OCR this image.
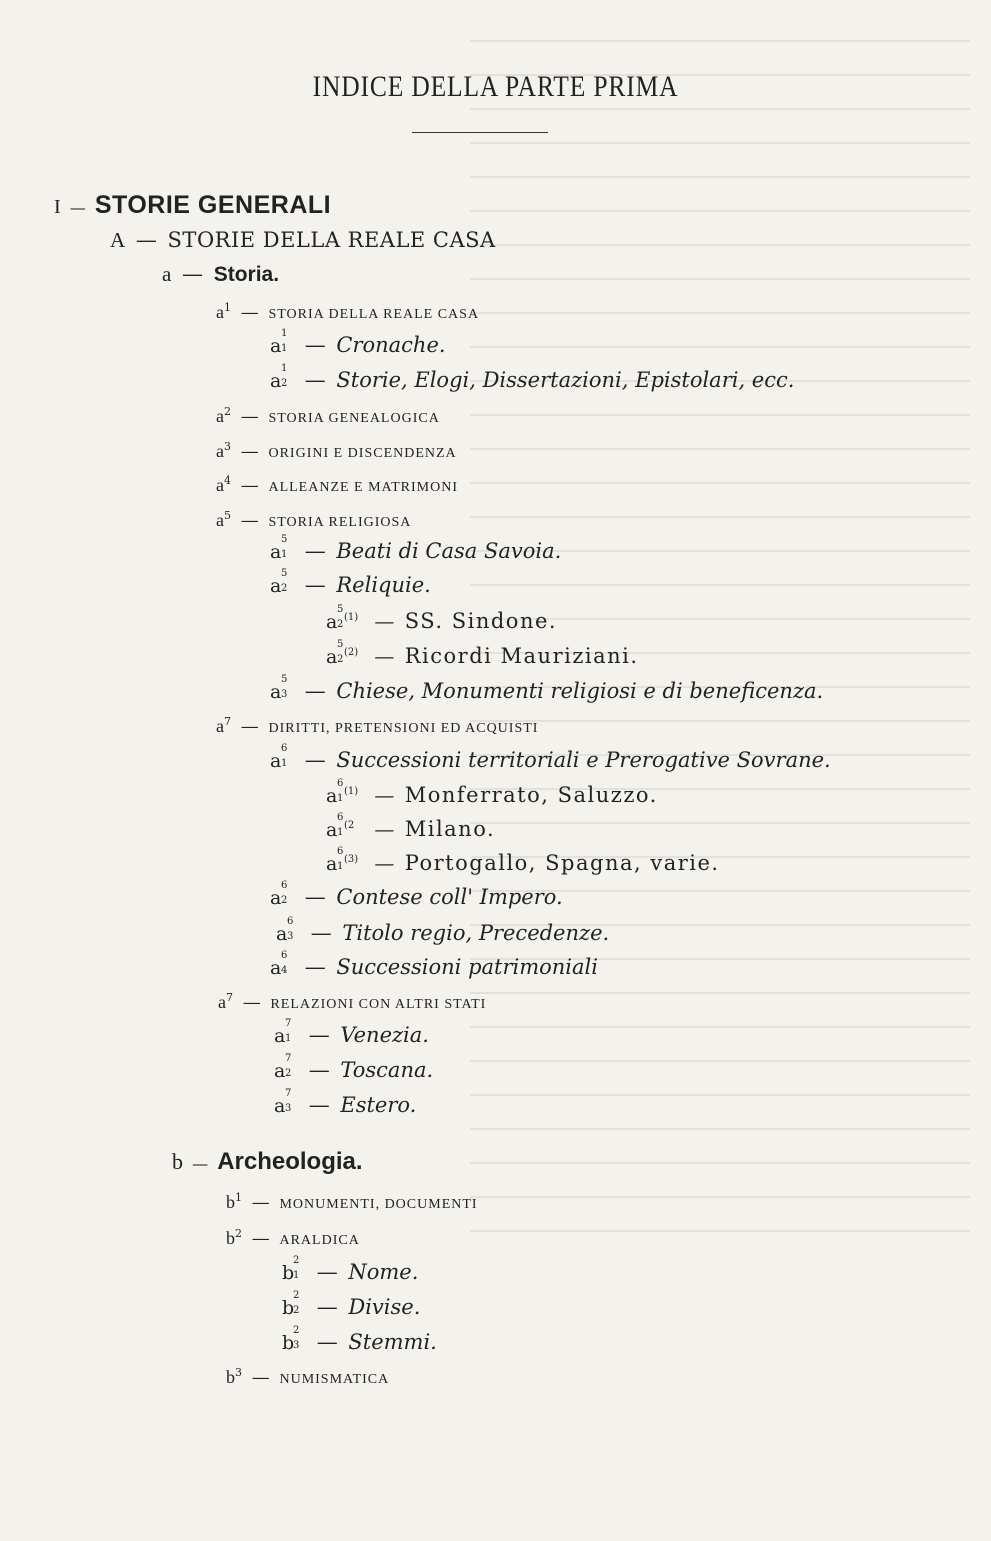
INDICE DELLA PARTE PRIMA
I — STORIE GENERALI
A — STORIE DELLA REALE CASA
a — Storia.
$a^1$ — STORIA DELLA REALE CASA
a
1
1 — Cronache.
a
1
2 — Storie, Elogi, Dissertazioni, Epistolari, ecc.
$a^2$ — STORIA GENEALOGICA
$a^3$ — ORIGINI E DISCENDENZA
$a^4$ — ALLEANZE E MATRIMONI
$a^5$ — STORIA RELIGIOSA
a
5
1 — Beati di Casa Savoia.
a
5
2 — Reliquie.
a
5
2
(1) — SS. Sindone.
a
5
2
(2) — Ricordi Mauriziani.
a
5
3 — Chiese, Monumenti religiosi e di beneficenza.
$a^7$ — DIRITTI, PRETENSIONI ED ACQUISTI
a
6
1 — Successioni territoriali e Prerogative Sovrane.
a
6
1
(1) — Monferrato, Saluzzo.
a
6
1
(2 — Milano.
a
6
1
(3) — Portogallo, Spagna, varie.
a
6
2 — Contese coll' Impero.
a
6
3 — Titolo regio, Precedenze.
a
6
4 — Successioni patrimoniali
$a^7$ — RELAZIONI CON ALTRI STATI
a
7
1 — Venezia.
a
7
2 — Toscana.
a
7
3 — Estero.
b — Archeologia.
$b^1$ — MONUMENTI, DOCUMENTI
$b^2$ — ARALDICA
b
2
1 — Nome.
b
2
2 — Divise.
b
2
3 — Stemmi.
$b^3$ — NUMISMATICA
